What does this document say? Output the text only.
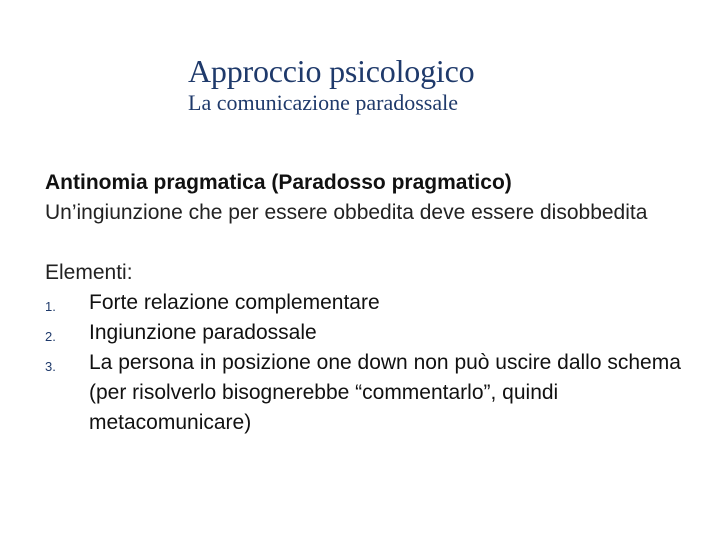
Approccio psicologico
La comunicazione paradossale
Antinomia pragmatica (Paradosso pragmatico)
Un’ingiunzione che per essere obbedita deve essere disobbedita
Elementi:
1. Forte relazione complementare
2. Ingiunzione paradossale
3. La persona in posizione one down non può uscire dallo schema (per risolverlo bisognerebbe “commentarlo”, quindi metacomunicare)
